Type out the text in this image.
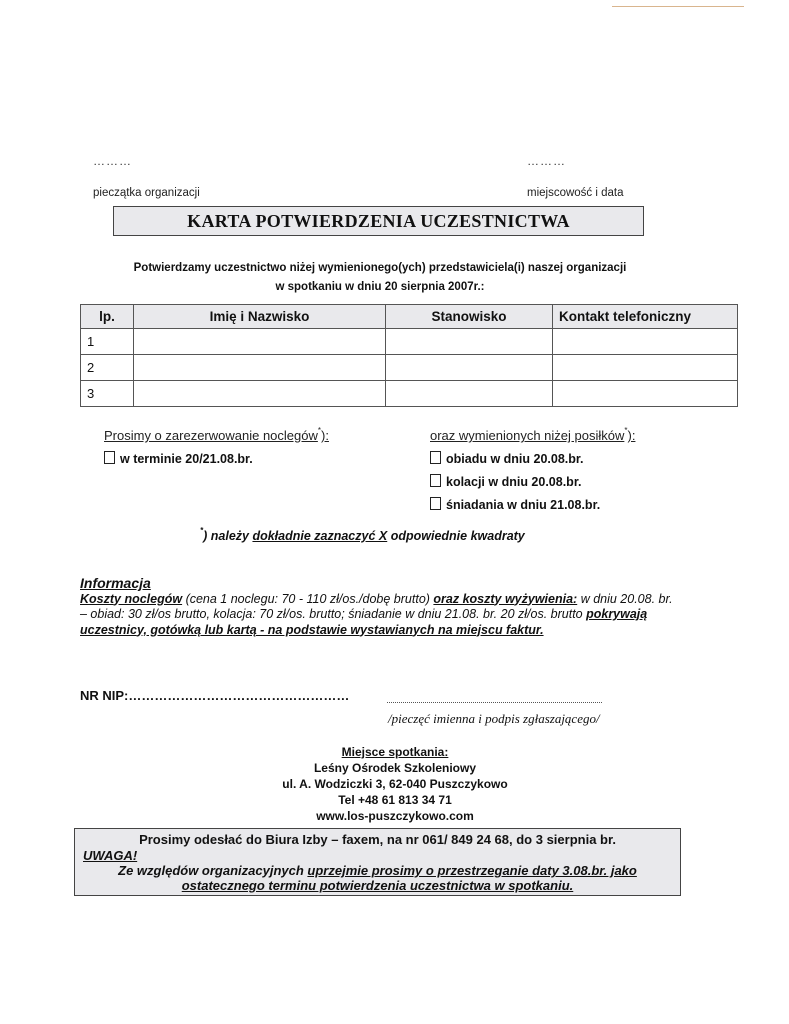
………	………
pieczątka organizacji	miejscowość i data
KARTA POTWIERDZENIA UCZESTNICTWA
Potwierdzamy uczestnictwo niżej wymienionego(ych) przedstawiciela(i) naszej organizacji
w spotkaniu w dniu 20 sierpnia 2007r.:
lp.	Imię i Nazwisko	Stanowisko	Kontakt telefoniczny
1			
2			
3			
Prosimy o zarezerwowanie noclegów*):
w terminie 20/21.08.br.
oraz wymienionych niżej posiłków*):
obiadu w dniu 20.08.br.
kolacji w dniu 20.08.br.
śniadania w dniu 21.08.br.
*) należy dokładnie zaznaczyć X odpowiednie kwadraty
Informacja
Koszty noclegów (cena 1 noclegu: 70 - 110 zł/os./dobę brutto) oraz koszty wyżywienia: w dniu 20.08. br. – obiad: 30 zł/os brutto, kolacja: 70 zł/os. brutto; śniadanie w dniu 21.08. br. 20 zł/os. brutto pokrywają uczestnicy, gotówką lub kartą - na podstawie wystawianych na miejscu faktur.
NR NIP:……………………………………………
/pieczęć imienna i podpis zgłaszającego/
Miejsce spotkania:
Leśny Ośrodek Szkoleniowy
ul. A. Wodziczki 3, 62-040 Puszczykowo
Tel +48 61 813 34 71
www.los-puszczykowo.com
Prosimy odesłać do Biura Izby – faxem, na nr 061/ 849 24 68, do 3 sierpnia br.
UWAGA!
Ze względów organizacyjnych uprzejmie prosimy o przestrzeganie daty 3.08.br. jako
ostatecznego terminu potwierdzenia uczestnictwa w spotkaniu.
